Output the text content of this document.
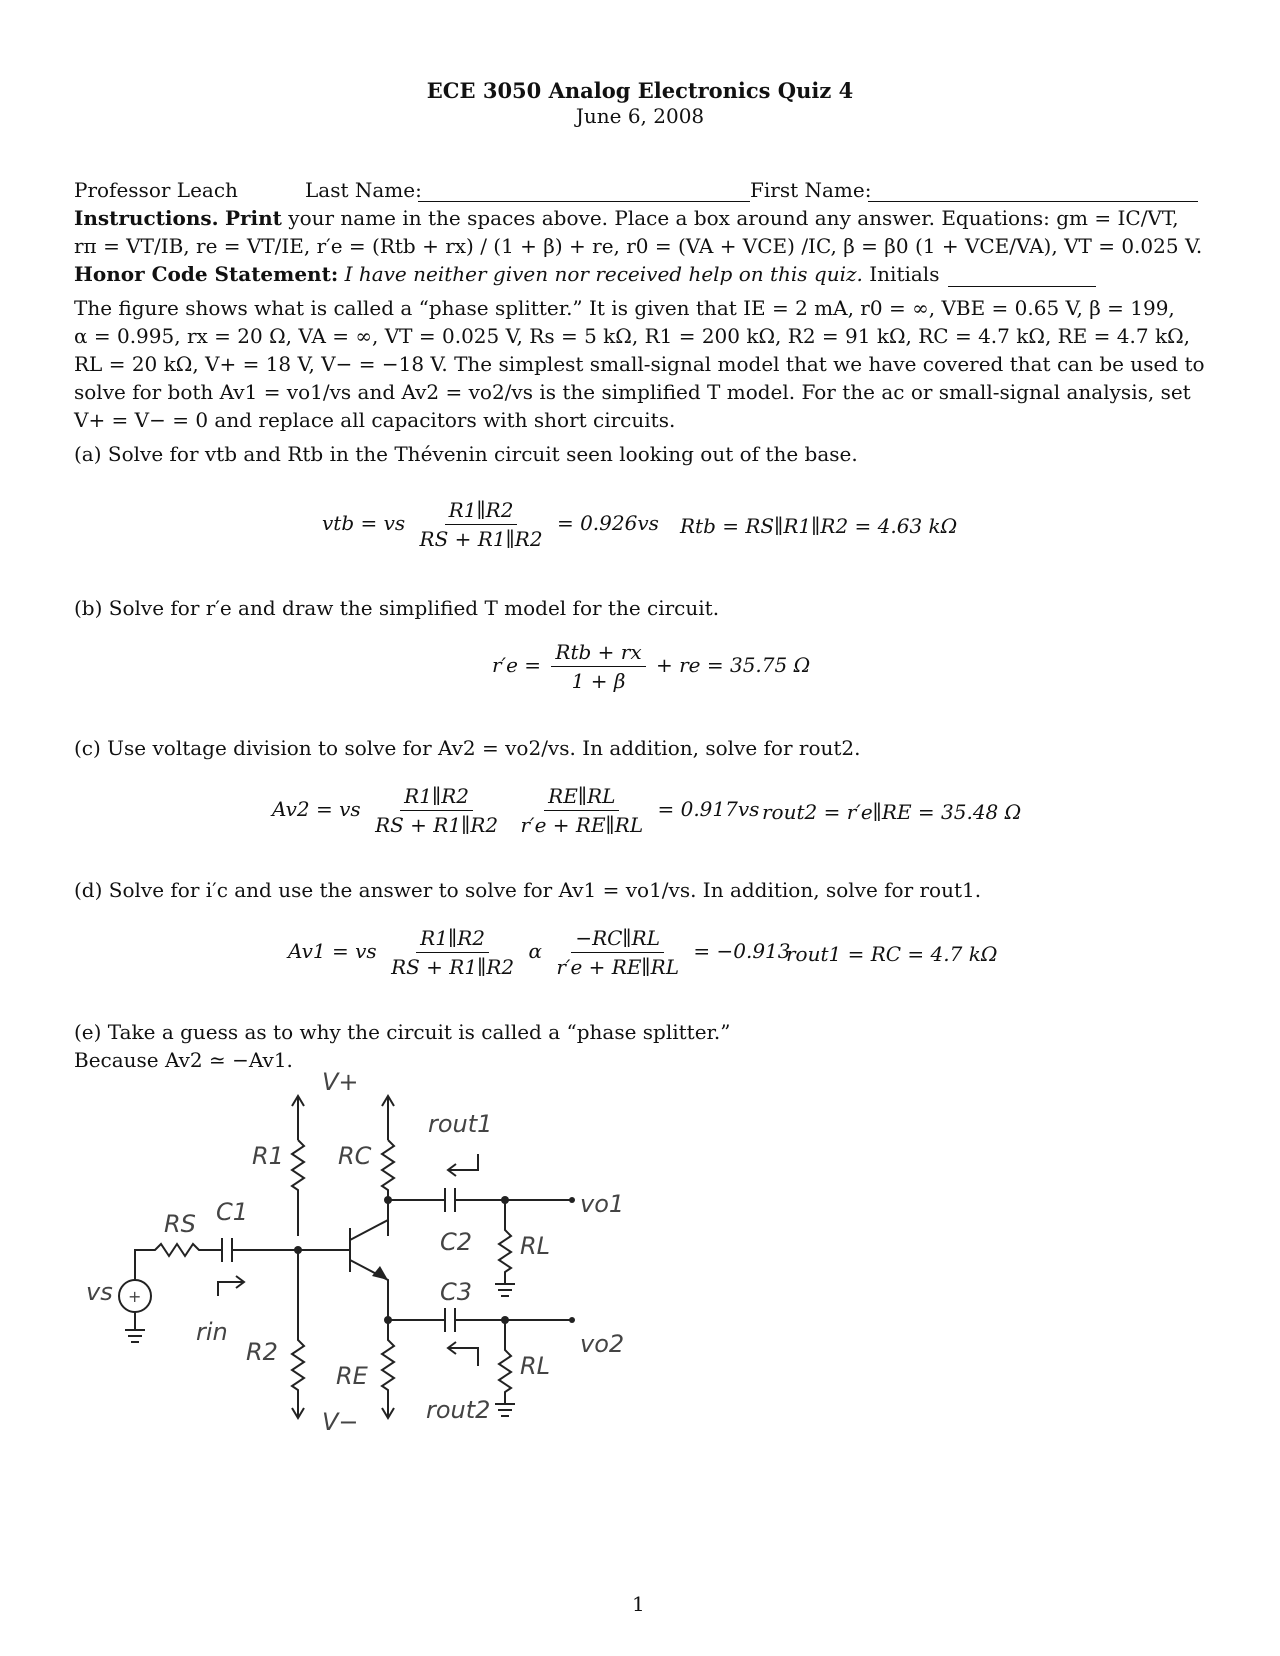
ECE 3050 Analog Electronics Quiz 4
June 6, 2008
Professor Leach	Last Name:	First Name:
Instructions. Print your name in the spaces above. Place a box around any answer. Equations: gm = IC/VT,
rπ = VT/IB, re = VT/IE, r′e = (Rtb + rx) / (1 + β) + re, r0 = (VA + VCE) /IC, β = β0 (1 + VCE/VA), VT = 0.025 V.
Honor Code Statement: I have neither given nor received help on this quiz. Initials
The figure shows what is called a “phase splitter.” It is given that IE = 2 mA, r0 = ∞, VBE = 0.65 V, β = 199,
α = 0.995, rx = 20 Ω, VA = ∞, VT = 0.025 V, Rs = 5 kΩ, R1 = 200 kΩ, R2 = 91 kΩ, RC = 4.7 kΩ, RE = 4.7 kΩ,
RL = 20 kΩ, V+ = 18 V, V− = −18 V. The simplest small-signal model that we have covered that can be used to
solve for both Av1 = vo1/vs and Av2 = vo2/vs is the simplified T model. For the ac or small-signal analysis, set
V+ = V− = 0 and replace all capacitors with short circuits.
(a) Solve for vtb and Rtb in the Thévenin circuit seen looking out of the base.
vtb = vs $\frac{R1\parallel R2}{RS + R1\parallel R2} = 0.926vs$ Rtb = RS∥R1∥R2 = 4.63 kΩ
(b) Solve for r′e and draw the simplified T model for the circuit.
$r'e = \frac{\text{Rtb + rx}}{1 + \beta}$ + re = 35.75 Ω
(c) Use voltage division to solve for Av2 = vo2/vs. In addition, solve for rout2.
Av2 = vs $\frac{R1\parallel R2}{RS + R1\parallel R2}$
$\frac{RE\parallel RL}{r'e + RE\parallel RL} = 0.917vs$ rout2 = r′e∥RE = 35.48 Ω
(d) Solve for i′c and use the answer to solve for Av1 = vo1/vs. In addition, solve for rout1.
Av1 = vs $\frac{R1\parallel R2}{RS + R1\parallel R2}$ α $\frac{-RC\parallel RL}{r'e + RE\parallel RL} = -0.913$
rout1 = RC = 4.7 kΩ
(e) Take a guess as to why the circuit is called a “phase splitter.”
Because Av2 ≃ −Av1.
V+
V−
R1
R2
RC
RE
RS C1
C2
C3
RL
RL
vs
rin
rout1
rout2
vo1
vo2
+
1
